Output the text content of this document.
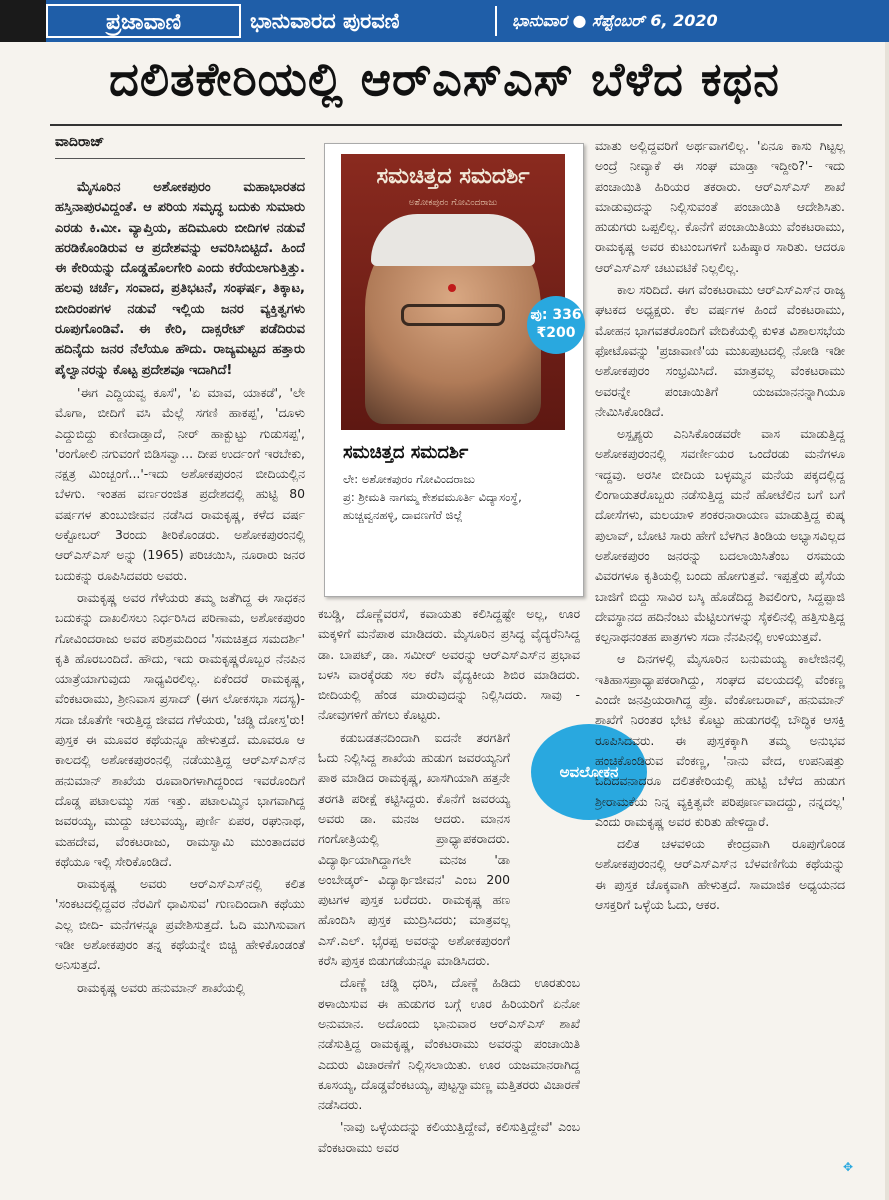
ಪ್ರಜಾವಾಣಿ	ಭಾನುವಾರದ ಪುರವಣಿ	ಭಾನುವಾರ ● ಸೆಪ್ಟೆಂಬರ್ 6, 2020
ದಲಿತಕೇರಿಯಲ್ಲಿ ಆರ್‌ಎಸ್‌ಎಸ್ ಬೆಳೆದ ಕಥನ
ವಾದಿರಾಜ್

ಮೈಸೂರಿನ ಅಶೋಕಪುರಂ ಮಹಾಭಾರತದ ಹಸ್ತಿನಾಪುರವಿದ್ದಂತೆ. ಆ ಪರಿಯ ಸಮೃದ್ಧ ಬದುಕು ಸುಮಾರು ಎರಡು ಕಿ.ಮೀ. ವ್ಯಾಪ್ತಿಯ, ಹದಿಮೂರು ಬೀದಿಗಳ ನಡುವೆ ಹರಡಿಕೊಂಡಿರುವ ಆ ಪ್ರದೇಶವನ್ನು ಆವರಿಸಿಬಿಟ್ಟಿದೆ. ಹಿಂದೆ ಈ ಕೇರಿಯನ್ನು ದೊಡ್ಡಹೊಲಗೇರಿ ಎಂದು ಕರೆಯಲಾಗುತ್ತಿತ್ತು. ಹಲವು ಚರ್ಚೆ, ಸಂವಾದ, ಪ್ರತಿಭಟನೆ, ಸಂಘರ್ಷ, ತಿಕ್ಕಾಟ, ಬೀದಿರಂಪಗಳ ನಡುವೆ ಇಲ್ಲಿಯ ಜನರ ವ್ಯಕ್ತಿತ್ವಗಳು ರೂಪುಗೊಂಡಿವೆ. ಈ ಕೇರಿ, ದಾಕ್ಸರೇಟ್ ಪಡೆದಿರುವ ಹದಿನೈದು ಜನರ ನೆಲೆಯೂ ಹೌದು. ರಾಜ್ಯಮಟ್ಟದ ಹತ್ತಾರು ಪೈಲ್ವಾನರನ್ನು ಕೊಟ್ಟ ಪ್ರದೇಶವೂ ಇದಾಗಿದೆ!

'ಈಗ ಎದ್ದಿಯವ್ವ ಕೂಸೆ', 'ಏ ಮಾವ, ಯಾಕಡೆ', 'ಲೇ ಮೊಗಾ, ಬೀದಿಗೆ ವಸಿ ಮೆಲ್ಲೆ ಸಗಣಿ ಹಾಕಪ್ಪ', 'ದೂಳು ಎದ್ದುಬಿದ್ದು ಕುಣಿದಾಡ್ತಾದೆ, ನೀರ್ ಹಾಕ್ಬುಟ್ಟು ಗುಡುಸಪ್ಪ', 'ರಂಗೋಲಿ ನಗುವಂಗೆ ಬಿಡಿಸವ್ವಾ... ದೀಪ ಉರ್ದಂಗೆ ಇರಬೇಕು, ನಕ್ಷತ್ರ ಮಿಂಚ್ಬಂಗೆ...'-ಇದು ಅಶೋಕಪುರಂನ ಬೀದಿಯಲ್ಲಿನ ಬೆಳಗು. ಇಂತಹ ವರ್ಣರಂಜಿತ ಪ್ರದೇಶದಲ್ಲಿ ಹುಟ್ಟಿ 80 ವರ್ಷಗಳ ತುಂಬುಜೀವನ ನಡೆಸಿದ ರಾಮಕೃಷ್ಣ, ಕಳೆದ ವರ್ಷ ಅಕ್ಟೋಬರ್ 3ರಂದು ತೀರಿಕೊಂಡರು. ಅಶೋಕಪುರಂನಲ್ಲಿ ಆರ್‌ಎಸ್‌ಎಸ್ ಅನ್ನು (1965) ಪರಿಚಯಿಸಿ, ನೂರಾರು ಜನರ ಬದುಕನ್ನು ರೂಪಿಸಿದವರು ಅವರು.

ರಾಮಕೃಷ್ಣ ಅವರ ಗೆಳೆಯರು ತಮ್ಮ ಜತೆಗಿದ್ದ ಈ ಸಾಧಕನ ಬದುಕನ್ನು ದಾಖಲಿಸಲು ನಿರ್ಧರಿಸಿದ ಪರಿಣಾಮ, ಅಶೋಕಪುರಂ ಗೋವಿಂದರಾಜು ಅವರ ಪರಿಶ್ರಮದಿಂದ 'ಸಮಚಿತ್ತದ ಸಮದರ್ಶಿ' ಕೃತಿ ಹೊರಬಂದಿದೆ. ಹೌದು, ಇದು ರಾಮಕೃಷ್ಣರೊಬ್ಬರ ನೆನಪಿನ ಯಾತ್ರೆಯಾಗುವುದು ಸಾಧ್ಯವಿರಲಿಲ್ಲ. ಏಕೆಂದರೆ ರಾಮಕೃಷ್ಣ, ವೆಂಕಟರಾಮು, ಶ್ರೀನಿವಾಸ ಪ್ರಸಾದ್ (ಈಗ ಲೋಕಸಭಾ ಸದಸ್ಯ)- ಸದಾ ಜೊತೆಗೇ ಇರುತ್ತಿದ್ದ ಜೀವದ ಗೆಳೆಯರು, 'ಚಡ್ಡಿ ದೋಸ್ತ'ರು! ಪುಸ್ತಕ ಈ ಮೂವರ ಕಥೆಯನ್ನೂ ಹೇಳುತ್ತದೆ. ಮೂವರೂ ಆ ಕಾಲದಲ್ಲಿ ಅಶೋಕಪುರಂನಲ್ಲಿ ನಡೆಯುತ್ತಿದ್ದ ಆರ್‌ಎಸ್‌ಎಸ್‌ನ ಹನುಮಾನ್ ಶಾಖೆಯ ರೂವಾರಿಗಳಾಗಿದ್ದರಿಂದ ಇವರೊಂದಿಗೆ ದೊಡ್ಡ ಪಟಾಲಮ್ಮು ಸಹ ಇತ್ತು. ಪಟಾಲಮ್ಮಿನ ಭಾಗವಾಗಿದ್ದ ಜವರಯ್ಯ, ಮುದ್ದು ಚಲುವಯ್ಯ, ಪುರ್ಣಿ ಏಪರ, ರಘುನಾಥ, ಮಹದೇವ, ವೆಂಕಟರಾಜು, ರಾಮಸ್ವಾಮಿ ಮುಂತಾದವರ ಕಥೆಯೂ ಇಲ್ಲಿ ಸೇರಿಕೊಂಡಿದೆ.

ರಾಮಕೃಷ್ಣ ಅವರು ಆರ್‌ಎಸ್‌ಎಸ್‌ನಲ್ಲಿ ಕಲಿತ 'ಸಂಕಟದಲ್ಲಿದ್ದವರ ನೆರವಿಗೆ ಧಾವಿಸುವ' ಗುಣದಿಂದಾಗಿ ಕಥೆಯು ಎಲ್ಲ ಬೀದಿ- ಮನೆಗಳನ್ನೂ ಪ್ರವೇಶಿಸುತ್ತದೆ. ಓದಿ ಮುಗಿಸುವಾಗ ಇಡೀ ಅಶೋಕಪುರಂ ತನ್ನ ಕಥೆಯನ್ನೇ ಬಿಚ್ಚಿ ಹೇಳಿಕೊಂಡಂತೆ ಅನಿಸುತ್ತದೆ.

ರಾಮಕೃಷ್ಣ ಅವರು ಹನುಮಾನ್ ಶಾಖೆಯಲ್ಲಿ

ಸಮಚಿತ್ತದ ಸಮದರ್ಶಿ
ಅಶೋಕಪುರಂ ಗೋವಿಂದರಾಜು
ಸಮಚಿತ್ತದ ಸಮದರ್ಶಿ
ಲೇ: ಅಶೋಕಪುರಂ ಗೋವಿಂದರಾಜು
ಪ್ರ: ಶ್ರೀಮತಿ ನಾಗಮ್ಮ ಕೇಶವಮೂರ್ತಿ ವಿದ್ಯಾಸಂಸ್ಥೆ, ಹುಚ್ಚವ್ವನಹಳ್ಳಿ, ದಾವಣಗೆರೆ ಜಿಲ್ಲೆ
ಪು: 336
₹200

ಕಬಡ್ಡಿ, ದೊಣ್ಣೆವರಸೆ, ಕವಾಯತು ಕಲಿಸಿದ್ದಷ್ಟೇ ಅಲ್ಲ, ಊರ ಮಕ್ಕಳಿಗೆ ಮನೆಪಾಠ ಮಾಡಿದರು. ಮೈಸೂರಿನ ಪ್ರಸಿದ್ಧ ವೈದ್ಯರೆನಿಸಿದ್ದ ಡಾ. ಬಾಪಟ್, ಡಾ. ಸಮೀರ್ ಅವರನ್ನು ಆರ್‌ಎಸ್‌ಎಸ್‌ನ ಪ್ರಭಾವ ಬಳಸಿ ವಾರಕ್ಕೆರಡು ಸಲ ಕರೆಸಿ ವೈದ್ಯಕೀಯ ಶಿಬಿರ ಮಾಡಿದರು. ಬೀದಿಯಲ್ಲಿ ಹೆಂಡ ಮಾರುವುದನ್ನು ನಿಲ್ಲಿಸಿದರು. ಸಾವು - ನೋವುಗಳಿಗೆ ಹೆಗಲು ಕೊಟ್ಟರು.

ಕಡುಬಡತನದಿಂದಾಗಿ ಐದನೇ ತರಗತಿಗೆ ಓದು ನಿಲ್ಲಿಸಿದ್ದ ಶಾಖೆಯ ಹುಡುಗ ಜವರಯ್ಯನಿಗೆ ಪಾಠ ಮಾಡಿದ ರಾಮಕೃಷ್ಣ, ಖಾಸಗಿಯಾಗಿ ಹತ್ತನೇ ತರಗತಿ ಪರೀಕ್ಷೆ ಕಟ್ಟಿಸಿದ್ದರು. ಕೊನೆಗೆ ಜವರಯ್ಯ ಅವರು ಡಾ. ಮನಜ ಆದರು. ಮಾನಸ ಗಂಗೋತ್ರಿಯಲ್ಲಿ ಪ್ರಾಧ್ಯಾಪಕರಾದರು. ವಿದ್ಯಾರ್ಥಿಯಾಗಿದ್ದಾಗಲೇ ಮನಜ 'ಡಾ ಅಂಬೇಡ್ಕರ್- ವಿದ್ಯಾರ್ಥಿಜೀವನ' ಎಂಬ 200 ಪುಟಗಳ ಪುಸ್ತಕ ಬರೆದರು. ರಾಮಕೃಷ್ಣ ಹಣ ಹೊಂದಿಸಿ ಪುಸ್ತಕ ಮುದ್ರಿಸಿದರು; ಮಾತ್ರವಲ್ಲ ಎಸ್.ಎಲ್. ಭೈರಪ್ಪ ಅವರನ್ನು ಅಶೋಕಪುರಂಗೆ ಕರೆಸಿ ಪುಸ್ತಕ ಬಿಡುಗಡೆಯನ್ನೂ ಮಾಡಿಸಿದರು.

ದೊಣ್ಣೆ ಚಡ್ಡಿ ಧರಿಸಿ, ದೊಣ್ಣೆ ಹಿಡಿದು ಊರತುಂಬ ಠಳಾಯಿಸುವ ಈ ಹುಡುಗರ ಬಗ್ಗೆ ಊರ ಹಿರಿಯರಿಗೆ ಏನೋ ಅನುಮಾನ. ಅದೊಂದು ಭಾನುವಾರ ಆರ್‌ಎಸ್‌ಎಸ್ ಶಾಖೆ ನಡೆಸುತ್ತಿದ್ದ ರಾಮಕೃಷ್ಣ, ವೆಂಕಟರಾಮು ಅವರನ್ನು ಪಂಚಾಯಿತಿ ಎದುರು ವಿಚಾರಣೆಗೆ ನಿಲ್ಲಿಸಲಾಯಿತು. ಊರ ಯಜಮಾನರಾಗಿದ್ದ ಕೂಸಯ್ಯ, ದೊಡ್ಡವೆಂಕಟಯ್ಯ, ಪುಟ್ಟಸ್ವಾಮಣ್ಣ ಮತ್ತಿತರರು ವಿಚಾರಣೆ ನಡೆಸಿದರು.

'ನಾವು ಒಳ್ಳೆಯದನ್ನು ಕಲಿಯುತ್ತಿದ್ದೇವೆ, ಕಲಿಸುತ್ತಿದ್ದೇವೆ' ಎಂಬ ವೆಂಕಟರಾಮು ಅವರ

ಅವಲೋಕನ

ಮಾತು ಅಲ್ಲಿದ್ದವರಿಗೆ ಅರ್ಥವಾಗಲಿಲ್ಲ. 'ಏನೂ ಕಾಸು ಗಿಟ್ಟಲ್ಲ ಅಂದ್ರೆ ನೀವ್ಯಾಕೆ ಈ ಸಂಘ ಮಾಡ್ತಾ ಇದ್ದೀರಿ?'- ಇದು ಪಂಚಾಯಿತಿ ಹಿರಿಯರ ತಕರಾರು. ಆರ್‌ಎಸ್‌ಎಸ್ ಶಾಖೆ ಮಾಡುವುದನ್ನು ನಿಲ್ಲಿಸುವಂತೆ ಪಂಚಾಯಿತಿ ಆದೇಶಿಸಿತು. ಹುಡುಗರು ಒಪ್ಪಲಿಲ್ಲ. ಕೊನೆಗೆ ಪಂಚಾಯಿತಿಯು ವೆಂಕಟರಾಮು, ರಾಮಕೃಷ್ಣ ಅವರ ಕುಟುಂಬಗಳಿಗೆ ಬಹಿಷ್ಕಾರ ಸಾರಿತು. ಆದರೂ ಆರ್‌ಎಸ್‌ಎಸ್ ಚಟುವಟಿಕೆ ನಿಲ್ಲಲಿಲ್ಲ.

ಕಾಲ ಸರಿದಿದೆ. ಈಗ ವೆಂಕಟರಾಮು ಆರ್‌ಎಸ್‌ಎಸ್‌ನ ರಾಜ್ಯ ಘಟಕದ ಅಧ್ಯಕ್ಷರು. ಕೆಲ ವರ್ಷಗಳ ಹಿಂದೆ ವೆಂಕಟರಾಮು, ಮೋಹನ ಭಾಗವತರೊಂದಿಗೆ ವೇದಿಕೆಯಲ್ಲಿ ಕುಳಿತ ವಿಶಾಲಸಭೆಯ ಫೋಟೊವನ್ನು 'ಪ್ರಜಾವಾಣಿ'ಯ ಮುಖಪುಟದಲ್ಲಿ ನೋಡಿ ಇಡೀ ಅಶೋಕಪುರಂ ಸಂಭ್ರಮಿಸಿದೆ. ಮಾತ್ರವಲ್ಲ ವೆಂಕಟರಾಮು ಅವರನ್ನೇ ಪಂಚಾಯಿತಿಗೆ ಯಜಮಾನನನ್ನಾಗಿಯೂ ನೇಮಿಸಿಕೊಂಡಿದೆ.

ಅಸ್ಪೃಶ್ಯರು ಎನಿಸಿಕೊಂಡವರೇ ವಾಸ ಮಾಡುತ್ತಿದ್ದ ಅಶೋಕಪುರಂನಲ್ಲಿ ಸವರ್ಣೀಯರ ಒಂದೆರಡು ಮನೆಗಳೂ ಇದ್ದವು. ಅರಸೀ ಬೀದಿಯ ಬಳ್ಳಮ್ಮನ ಮನೆಯ ಪಕ್ಕದಲ್ಲಿದ್ದ ಲಿಂಗಾಯತರೊಬ್ಬರು ನಡೆಸುತ್ತಿದ್ದ ಮನೆ ಹೋಟೆಲಿನ ಬಗೆ ಬಗೆ ದೋಸೆಗಳು, ಮಲಯಾಳಿ ಶಂಕರನಾರಾಯಣ ಮಾಡುತ್ತಿದ್ದ ಕುಷ್ಕ ಪುಲಾವ್, ಬೋಟಿ ಸಾರು ಹೇಗೆ ಬೆಳಗಿನ ತಿಂಡಿಯ ಅಭ್ಯಾಸವಿಲ್ಲದ ಅಶೋಕಪುರಂ ಜನರನ್ನು ಬದಲಾಯಿಸಿತೆಂಬ ರಸಮಯ ವಿವರಗಳೂ ಕೃತಿಯಲ್ಲಿ ಬಂದು ಹೋಗುತ್ತವೆ. ಇಪ್ಪತ್ತೆರು ಪೈಸೆಯ ಬಾಜಿಗೆ ಬಿದ್ದು ಸಾವಿರ ಬಸ್ಕಿ ಹೊಡೆದಿದ್ದ ಶಿವಲಿಂಗು, ಸಿದ್ದಪ್ಪಾಜಿ ದೇವಸ್ಥಾನದ ಹದಿನೆಂಟು ಮೆಟ್ಟಿಲುಗಳನ್ನು ಸೈಕಲಿನಲ್ಲಿ ಹತ್ತಿಸುತ್ತಿದ್ದ ಕಲ್ಪನಾಥನಂತಹ ಪಾತ್ರಗಳು ಸದಾ ನೆನಪಿನಲ್ಲಿ ಉಳಿಯುತ್ತವೆ.

ಆ ದಿನಗಳಲ್ಲಿ ಮೈಸೂರಿನ ಬನುಮಯ್ಯ ಕಾಲೇಜಿನಲ್ಲಿ ಇತಿಹಾಸಪ್ರಾಧ್ಯಾಪಕರಾಗಿದ್ದು, ಸಂಘದ ವಲಯದಲ್ಲಿ ವೆಂಕಣ್ಣ ಎಂದೇ ಜನಪ್ರಿಯರಾಗಿದ್ದ ಪ್ರೊ. ವೆಂಕೋಬರಾವ್, ಹನುಮಾನ್ ಶಾಖೆಗೆ ನಿರಂತರ ಭೇಟಿ ಕೊಟ್ಟು ಹುಡುಗರಲ್ಲಿ ಬೌದ್ಧಿಕ ಆಸಕ್ತಿ ರೂಪಿಸಿದವರು. ಈ ಪುಸ್ತಕಕ್ಕಾಗಿ ತಮ್ಮ ಅನುಭವ ಹಂಚಿಕೊಂಡಿರುವ ವೆಂಕಣ್ಣ, 'ನಾನು ವೇದ, ಉಪನಿಷತ್ತು ಓದಿದವನಾದರೂ ದಲಿತಕೇರಿಯಲ್ಲಿ ಹುಟ್ಟಿ ಬೆಳೆದ ಹುಡುಗ ಶ್ರೀರಾಮಕೆಯ ನಿನ್ನ ವ್ಯಕ್ತಿತ್ವವೇ ಪರಿಪೂರ್ಣವಾದದ್ದು, ನನ್ನದಲ್ಲ' ಎಂದು ರಾಮಕೃಷ್ಣ ಅವರ ಕುರಿತು ಹೇಳಿದ್ದಾರೆ.

ದಲಿತ ಚಳವಳಿಯ ಕೇಂದ್ರವಾಗಿ ರೂಪುಗೊಂಡ ಅಶೋಕಪುರಂನಲ್ಲಿ ಆರ್‌ಎಸ್‌ಎಸ್‌ನ ಬೆಳವಣಿಗೆಯ ಕಥೆಯನ್ನು ಈ ಪುಸ್ತಕ ಚೊಕ್ಕವಾಗಿ ಹೇಳುತ್ತದೆ. ಸಾಮಾಜಿಕ ಅಧ್ಯಯನದ ಆಸಕ್ತರಿಗೆ ಒಳ್ಳೆಯ ಓದು, ಆಕರ.

✥
